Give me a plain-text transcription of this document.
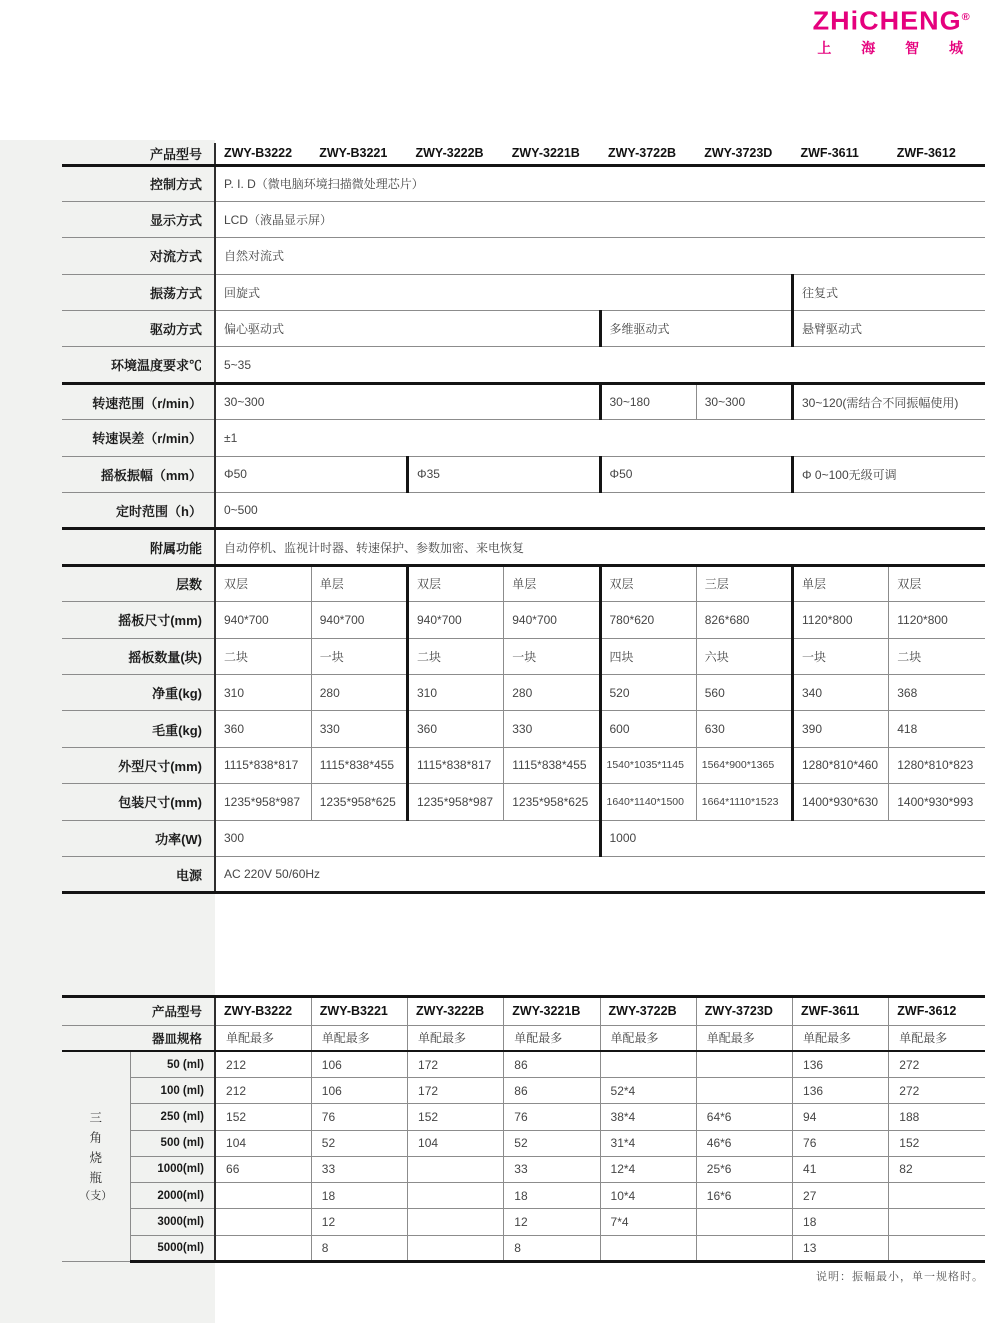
ZHiCHENG®
上 海 智 城
产品型号	ZWY-B3222	ZWY-B3221	ZWY-3222B	ZWY-3221B	ZWY-3722B	ZWY-3723D	ZWF-3611	ZWF-3612
控制方式	P. I. D（微电脑环境扫描微处理芯片）							
显示方式	LCD（液晶显示屏）							
对流方式	自然对流式							
振荡方式	回旋式						往复式	
驱动方式	偏心驱动式				多维驱动式		悬臂驱动式	
环境温度要求℃	5~35							
转速范围（r/min）	30~300				30~180	30~300	30~120(需结合不同振幅使用)	
转速误差（r/min）	±1							
摇板振幅（mm）	Φ50		Φ35		Φ50		Φ 0~100无级可调	
定时范围（h）	0~500							
附属功能	自动停机、监视计时器、转速保护、参数加密、来电恢复							
层数	双层	单层	双层	单层	双层	三层	单层	双层
摇板尺寸(mm)	940*700	940*700	940*700	940*700	780*620	826*680	1120*800	1120*800
摇板数量(块)	二块	一块	二块	一块	四块	六块	一块	二块
净重(kg)	310	280	310	280	520	560	340	368
毛重(kg)	360	330	360	330	600	630	390	418
外型尺寸(mm)	1115*838*817	1115*838*455	1115*838*817	1115*838*455	1540*1035*1145	1564*900*1365	1280*810*460	1280*810*823
包装尺寸(mm)	1235*958*987	1235*958*625	1235*958*987	1235*958*625	1640*1140*1500	1664*1110*1523	1400*930*630	1400*930*993
功率(W)	300				1000			
电源	AC 220V 50/60Hz							
产品型号		ZWY-B3222	ZWY-B3221	ZWY-3222B	ZWY-3221B	ZWY-3722B	ZWY-3723D	ZWF-3611	ZWF-3612
器皿规格		单配最多	单配最多	单配最多	单配最多	单配最多	单配最多	单配最多	单配最多

三
角
烧
瓶
（支）	50 (ml)	212	106	172	86			136	272
	100 (ml)	212	106	172	86	52*4		136	272
	250 (ml)	152	76	152	76	38*4	64*6	94	188
	500 (ml)	104	52	104	52	31*4	46*6	76	152
	1000(ml)	66	33		33	12*4	25*6	41	82
	2000(ml)		18		18	10*4	16*6	27	
	3000(ml)		12		12	7*4		18	
	5000(ml)		8		8			13	
说明：振幅最小，单一规格时。
